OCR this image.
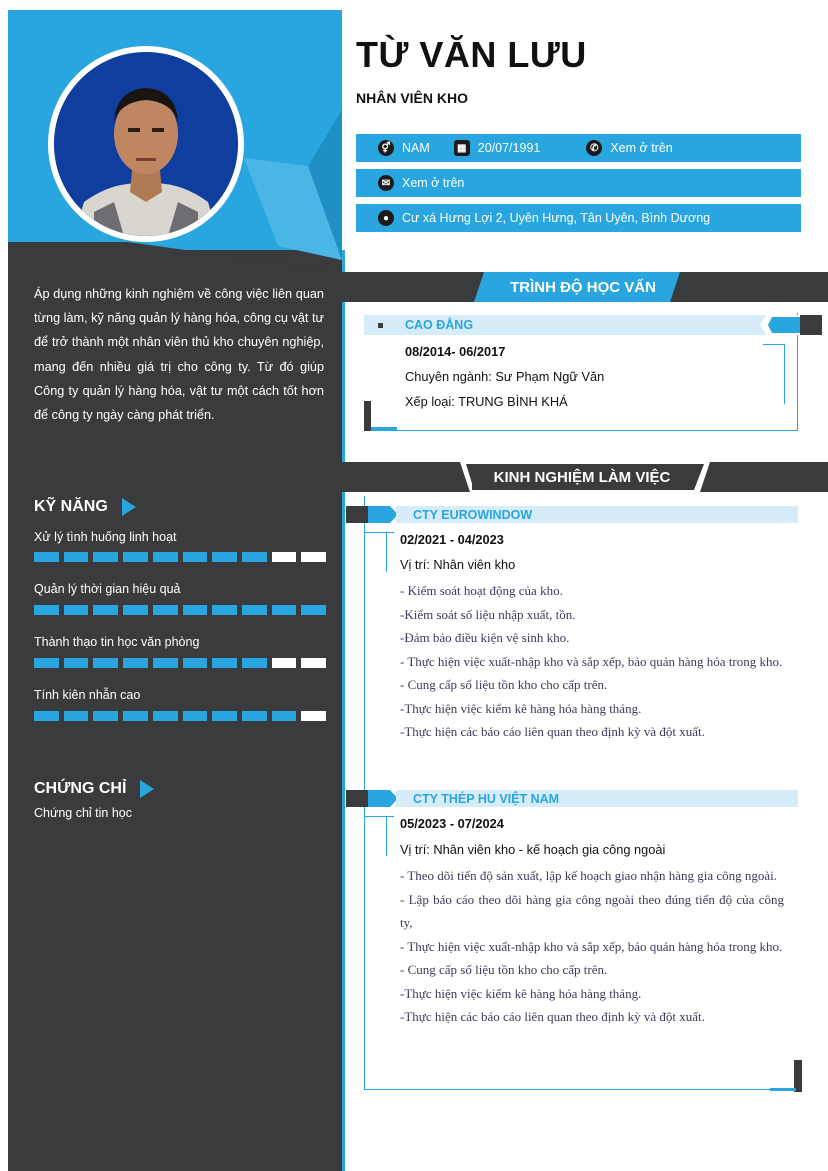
Áp dụng những kinh nghiệm về công việc liên quan từng làm, kỹ năng quản lý hàng hóa, công cụ vật tư để trở thành một nhân viên thủ kho chuyên nghiệp, mang đến nhiều giá trị cho công ty. Từ đó giúp Công ty quản lý hàng hóa, vật tư một cách tốt hơn để công ty ngày càng phát triển.
KỸ NĂNG
Xử lý tình huống linh hoạt
Quản lý thời gian hiệu quả
Thành thạo tin học văn phòng
Tính kiên nhẫn cao
CHỨNG CHỈ
Chứng chỉ tin học
TỪ VĂN LƯU
NHÂN VIÊN KHO
⚥ NAM	▦ 20/07/1991	✆ Xem ở trên
✉ Xem ở trên
●	Cư xá Hưng Lợi 2, Uyên Hưng, Tân Uyên, Bình Dương
TRÌNH ĐỘ HỌC VẤN
CAO ĐẲNG
08/2014- 06/2017
Chuyên ngành: Sư Phạm Ngữ Văn
Xếp loại: TRUNG BÌNH KHÁ
KINH NGHIỆM LÀM VIỆC
CTY EUROWINDOW
02/2021 - 04/2023
Vị trí: Nhân viên kho
- Kiểm soát hoạt động của kho.
-Kiểm soát số liệu nhập xuất, tồn.
-Đảm bảo điều kiện vệ sinh kho.
- Thực hiện việc xuất-nhập kho và sắp xếp, bảo quản hàng hóa trong kho.
- Cung cấp số liệu tồn kho cho cấp trên.
-Thực hiện việc kiểm kê hàng hóa hàng tháng.
-Thực hiện các báo cáo liên quan theo định kỳ và đột xuất.
CTY THÉP HU VIỆT NAM
05/2023 - 07/2024
Vị trí: Nhân viên kho - kế hoạch gia công ngoài
- Theo dõi tiến độ sản xuất, lập kế hoạch giao nhận hàng gia công ngoài.
- Lập báo cáo theo dõi hàng gia công ngoài theo đúng tiến độ của công ty,
- Thực hiện việc xuất-nhập kho và sắp xếp, bảo quản hàng hóa trong kho.
- Cung cấp số liệu tồn kho cho cấp trên.
-Thực hiện việc kiểm kê hàng hóa hàng tháng.
-Thực hiện các báo cáo liên quan theo định kỳ và đột xuất.
